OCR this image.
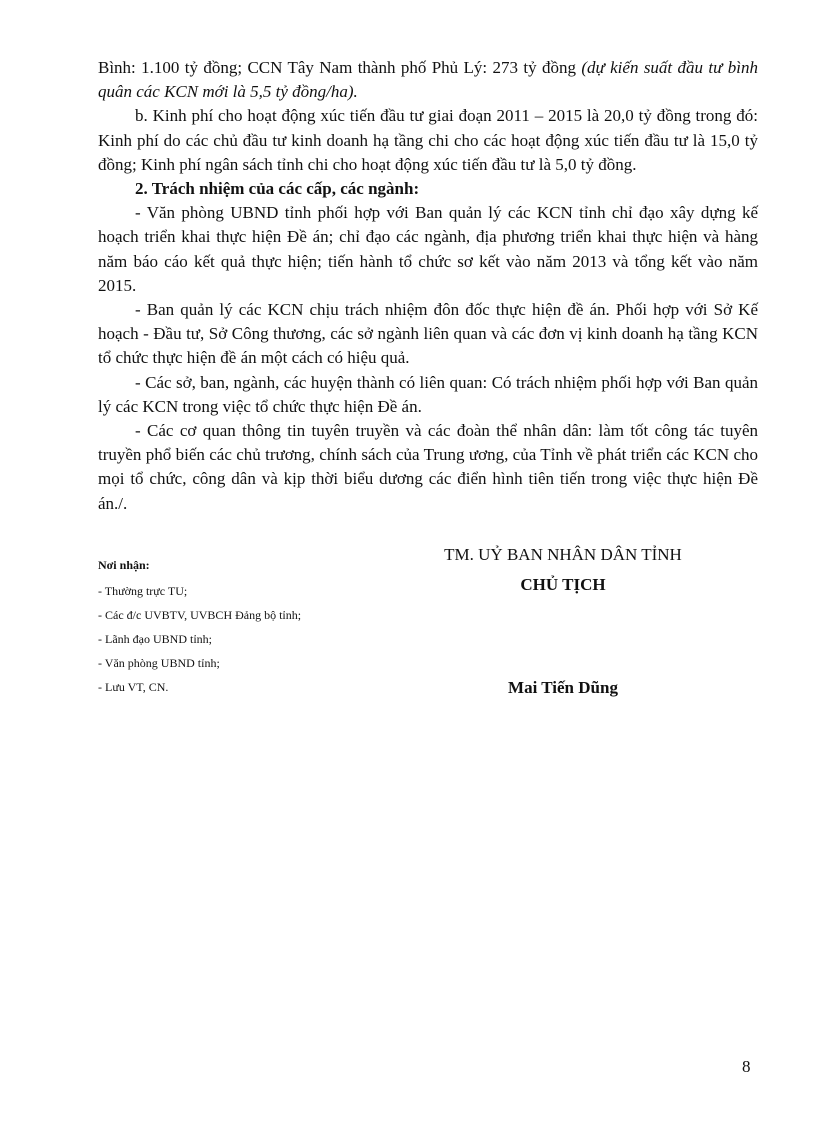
Bình: 1.100 tỷ đồng; CCN Tây Nam thành phố Phủ Lý: 273 tỷ đồng (dự kiến suất đầu tư bình quân các KCN mới là 5,5 tỷ đồng/ha).

b. Kinh phí cho hoạt động xúc tiến đầu tư giai đoạn 2011 – 2015 là 20,0 tỷ đồng trong đó: Kinh phí do các chủ đầu tư kinh doanh hạ tầng chi cho các hoạt động xúc tiến đầu tư là 15,0 tỷ đồng; Kinh phí ngân sách tỉnh chi cho hoạt động xúc tiến đầu tư là 5,0 tỷ đồng.

2. Trách nhiệm của các cấp, các ngành:

- Văn phòng UBND tỉnh phối hợp với Ban quản lý các KCN tỉnh chỉ đạo xây dựng kế hoạch triển khai thực hiện Đề án; chỉ đạo các ngành, địa phương triển khai thực hiện và hàng năm báo cáo kết quả thực hiện; tiến hành tổ chức sơ kết vào năm 2013 và tổng kết vào năm 2015.

- Ban quản lý các KCN chịu trách nhiệm đôn đốc thực hiện đề án. Phối hợp với Sở Kế hoạch - Đầu tư, Sở Công thương, các sở ngành liên quan và các đơn vị kinh doanh hạ tầng KCN tổ chức thực hiện đề án một cách có hiệu quả.

- Các sở, ban, ngành, các huyện thành có liên quan: Có trách nhiệm phối hợp với Ban quản lý các KCN trong việc tổ chức thực hiện Đề án.

- Các cơ quan thông tin tuyên truyền và các đoàn thể nhân dân: làm tốt công tác tuyên truyền phổ biến các chủ trương, chính sách của Trung ương, của Tỉnh về phát triển các KCN cho mọi tổ chức, công dân và kịp thời biểu dương các điển hình tiên tiến trong việc thực hiện Đề án./.

Nơi nhận:
- Thường trực TU;
- Các đ/c UVBTV, UVBCH Đảng bộ tỉnh;
- Lãnh đạo UBND tỉnh;
- Văn phòng UBND tỉnh;
- Lưu VT, CN.
TM. UỶ BAN NHÂN DÂN TỈNH
CHỦ TỊCH
Mai Tiến Dũng
8
